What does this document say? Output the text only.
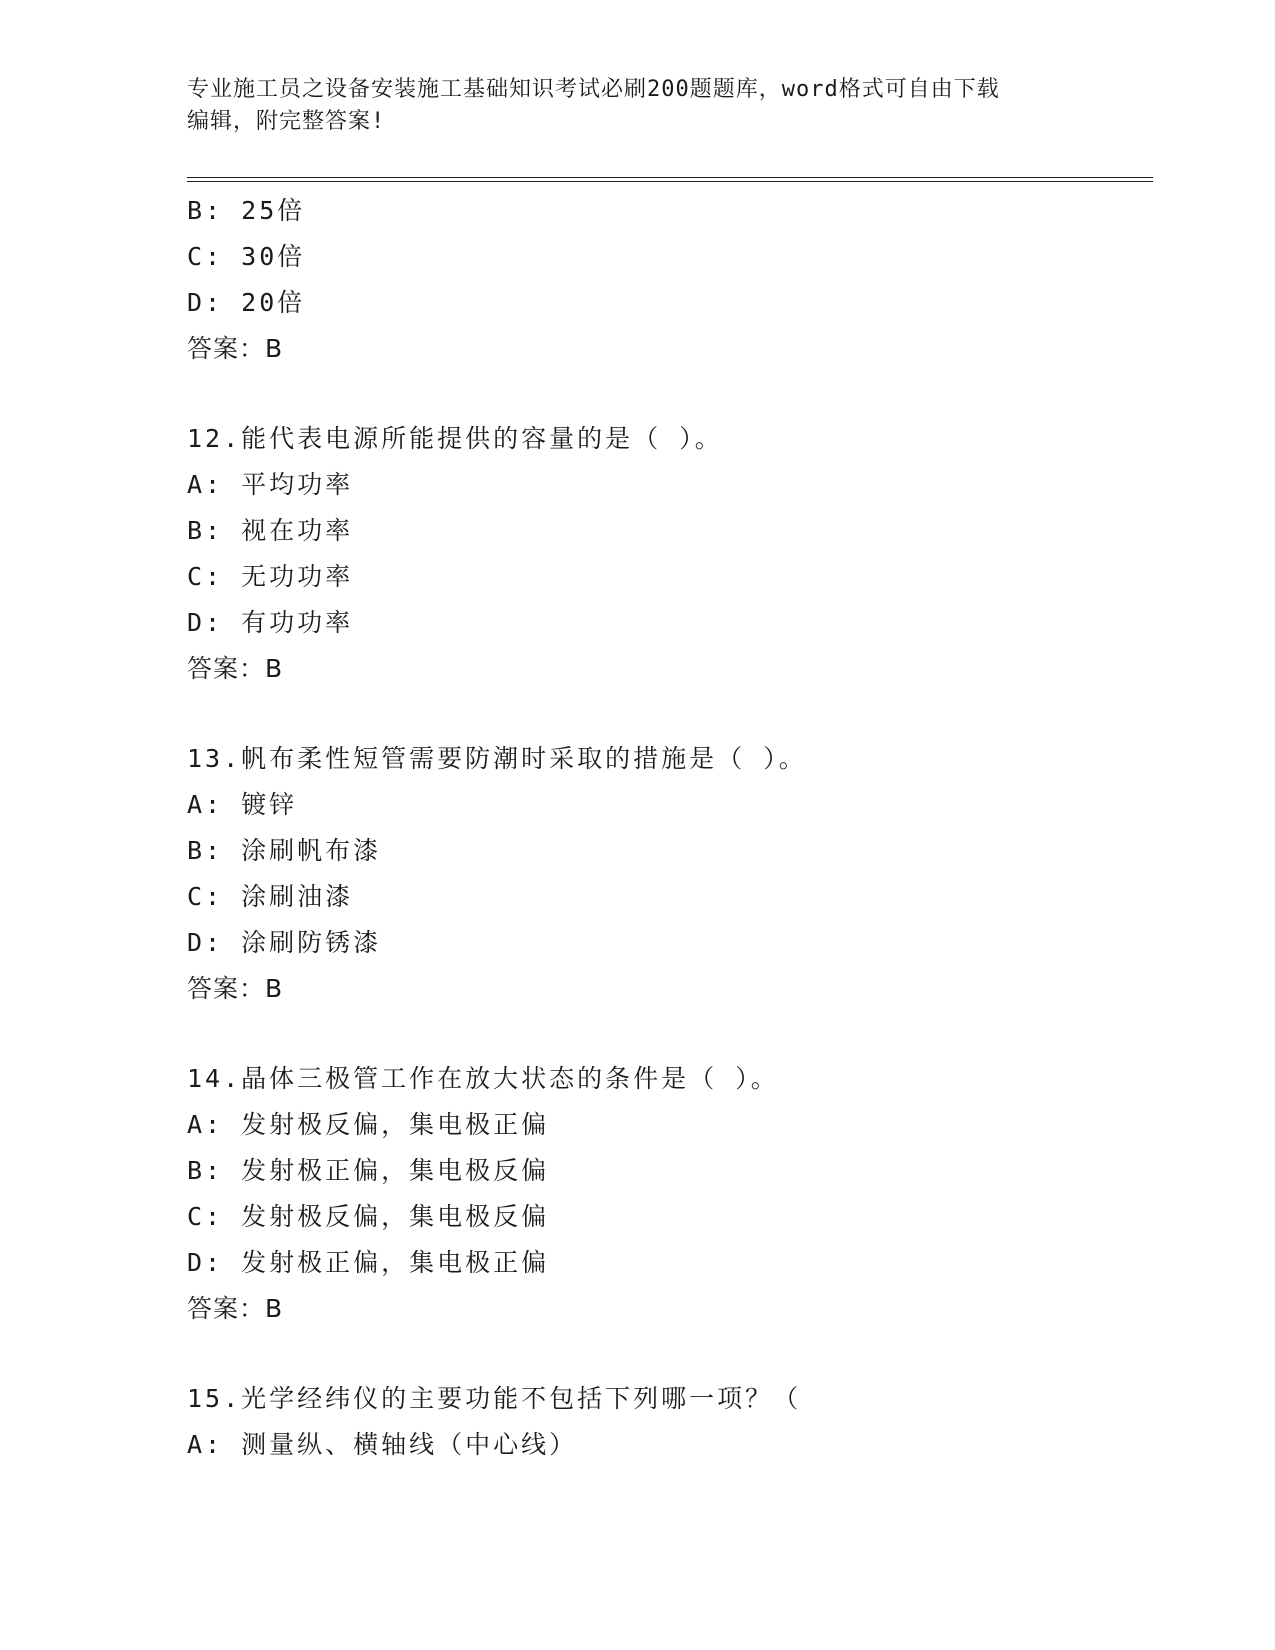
专业施工员之设备安装施工基础知识考试必刷200题题库，word格式可自由下载
编辑，附完整答案!
B: 25倍
C: 30倍
D: 20倍
答案：B
12.能代表电源所能提供的容量的是（ ）。
A: 平均功率
B: 视在功率
C: 无功功率
D: 有功功率
答案：B
13.帆布柔性短管需要防潮时采取的措施是（ ）。
A: 镀锌
B: 涂刷帆布漆
C: 涂刷油漆
D: 涂刷防锈漆
答案：B
14.晶体三极管工作在放大状态的条件是（ ）。
A: 发射极反偏，集电极正偏
B: 发射极正偏，集电极反偏
C: 发射极反偏，集电极反偏
D: 发射极正偏，集电极正偏
答案：B
15.光学经纬仪的主要功能不包括下列哪一项？（
A: 测量纵、横轴线（中心线）
